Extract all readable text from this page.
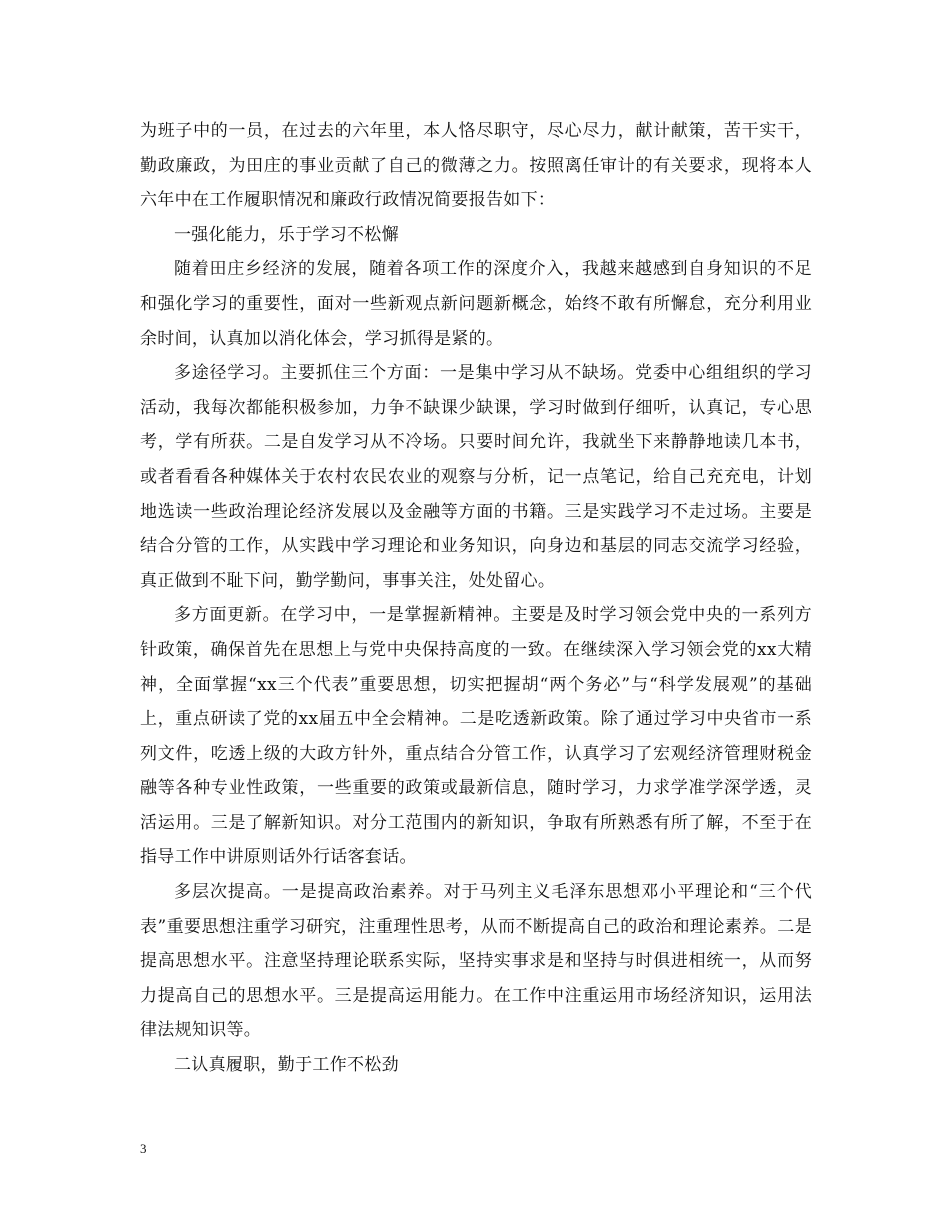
为班子中的一员，在过去的六年里，本人恪尽职守，尽心尽力，献计献策，苦干实干，勤政廉政，为田庄的事业贡献了自己的微薄之力。按照离任审计的有关要求，现将本人六年中在工作履职情况和廉政行政情况简要报告如下：

一强化能力，乐于学习不松懈

随着田庄乡经济的发展，随着各项工作的深度介入，我越来越感到自身知识的不足和强化学习的重要性，面对一些新观点新问题新概念，始终不敢有所懈怠，充分利用业余时间，认真加以消化体会，学习抓得是紧的。

多途径学习。主要抓住三个方面：一是集中学习从不缺场。党委中心组组织的学习活动，我每次都能积极参加，力争不缺课少缺课，学习时做到仔细听，认真记，专心思考，学有所获。二是自发学习从不冷场。只要时间允许，我就坐下来静静地读几本书，或者看看各种媒体关于农村农民农业的观察与分析，记一点笔记，给自己充充电，计划地选读一些政治理论经济发展以及金融等方面的书籍。三是实践学习不走过场。主要是结合分管的工作，从实践中学习理论和业务知识，向身边和基层的同志交流学习经验，真正做到不耻下问，勤学勤问，事事关注，处处留心。

多方面更新。在学习中，一是掌握新精神。主要是及时学习领会党中央的一系列方针政策，确保首先在思想上与党中央保持高度的一致。在继续深入学习领会党的xx大精神，全面掌握“xx三个代表”重要思想，切实把握胡“两个务必”与“科学发展观”的基础上，重点研读了党的xx届五中全会精神。二是吃透新政策。除了通过学习中央省市一系列文件，吃透上级的大政方针外，重点结合分管工作，认真学习了宏观经济管理财税金融等各种专业性政策，一些重要的政策或最新信息，随时学习，力求学准学深学透，灵活运用。三是了解新知识。对分工范围内的新知识，争取有所熟悉有所了解，不至于在指导工作中讲原则话外行话客套话。

多层次提高。一是提高政治素养。对于马列主义毛泽东思想邓小平理论和“三个代表”重要思想注重学习研究，注重理性思考，从而不断提高自己的政治和理论素养。二是提高思想水平。注意坚持理论联系实际，坚持实事求是和坚持与时俱进相统一，从而努力提高自己的思想水平。三是提高运用能力。在工作中注重运用市场经济知识，运用法律法规知识等。

二认真履职，勤于工作不松劲

3
